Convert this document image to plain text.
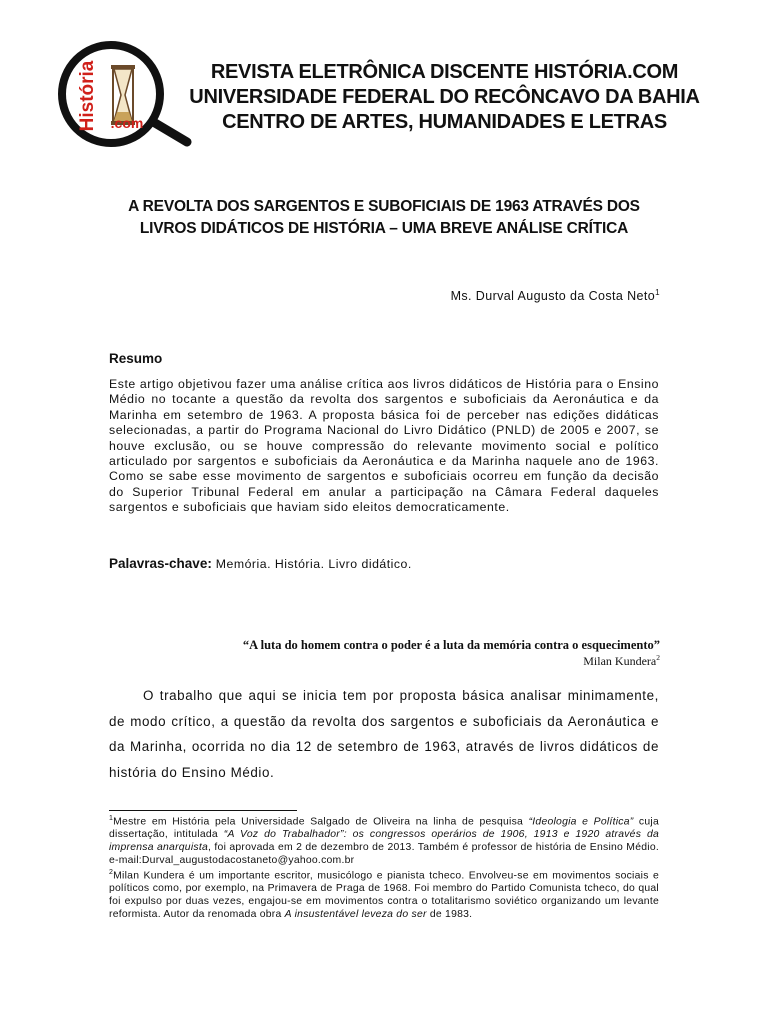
História .com
REVISTA ELETRÔNICA DISCENTE HISTÓRIA.COM
UNIVERSIDADE FEDERAL DO RECÔNCAVO DA BAHIA
CENTRO DE ARTES, HUMANIDADES E LETRAS
A REVOLTA DOS SARGENTOS E SUBOFICIAIS DE 1963 ATRAVÉS DOS LIVROS DIDÁTICOS DE HISTÓRIA – UMA BREVE ANÁLISE CRÍTICA
Ms. Durval Augusto da Costa Neto$^1$
Resumo

Este artigo objetivou fazer uma análise crítica aos livros didáticos de História para o Ensino Médio no tocante a questão da revolta dos sargentos e suboficiais da Aeronáutica e da Marinha em setembro de 1963. A proposta básica foi de perceber nas edições didáticas selecionadas, a partir do Programa Nacional do Livro Didático (PNLD) de 2005 e 2007, se houve exclusão, ou se houve compressão do relevante movimento social e político articulado por sargentos e suboficiais da Aeronáutica e da Marinha naquele ano de 1963. Como se sabe esse movimento de sargentos e suboficiais ocorreu em função da decisão do Superior Tribunal Federal em anular a participação na Câmara Federal daqueles sargentos e suboficiais que haviam sido eleitos democraticamente.

Palavras-chave: Memória. História. Livro didático.
“A luta do homem contra o poder é a luta da memória contra o esquecimento”
Milan Kundera$^2$

O trabalho que aqui se inicia tem por proposta básica analisar minimamente, de modo crítico, a questão da revolta dos sargentos e suboficiais da Aeronáutica e da Marinha, ocorrida no dia 12 de setembro de 1963, através de livros didáticos de história do Ensino Médio.

$^1$Mestre em História pela Universidade Salgado de Oliveira na linha de pesquisa “Ideologia e Política” cuja dissertação, intitulada “A Voz do Trabalhador”: os congressos operários de 1906, 1913 e 1920 através da imprensa anarquista, foi aprovada em 2 de dezembro de 2013. Também é professor de história de Ensino Médio. e-mail:Durval_augustodacostaneto@yahoo.com.br

$^2$Milan Kundera é um importante escritor, musicólogo e pianista tcheco. Envolveu-se em movimentos sociais e políticos como, por exemplo, na Primavera de Praga de 1968. Foi membro do Partido Comunista tcheco, do qual foi expulso por duas vezes, engajou-se em movimentos contra o totalitarismo soviético organizando um levante reformista. Autor da renomada obra A insustentável leveza do ser de 1983.
